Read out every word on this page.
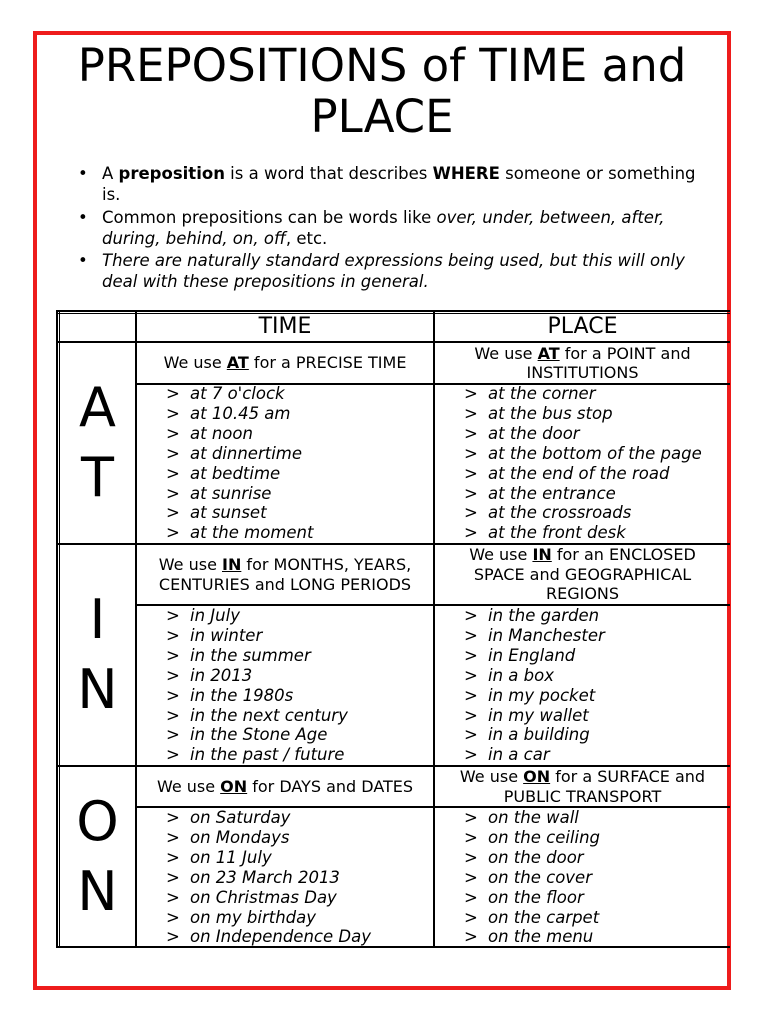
PREPOSITIONS of TIME and PLACE
• A preposition is a word that describes WHERE someone or something is.
• Common prepositions can be words like over, under, between, after, during, behind, on, off, etc.
• There are naturally standard expressions being used, but this will only deal with these prepositions in general.
TIME	PLACE
A
T
We use AT for a PRECISE TIME
We use AT for a POINT and INSTITUTIONS
> at 7 o'clock
> at 10.45 am
> at noon
> at dinnertime
> at bedtime
> at sunrise
> at sunset
> at the moment
> at the corner
> at the bus stop
> at the door
> at the bottom of the page
> at the end of the road
> at the entrance
> at the crossroads
> at the front desk
I
N
We use IN for MONTHS, YEARS, CENTURIES and LONG PERIODS
We use IN for an ENCLOSED SPACE and GEOGRAPHICAL REGIONS
> in July
> in winter
> in the summer
> in 2013
> in the 1980s
> in the next century
> in the Stone Age
> in the past / future
> in the garden
> in Manchester
> in England
> in a box
> in my pocket
> in my wallet
> in a building
> in a car
O
N
We use ON for DAYS and DATES
We use ON for a SURFACE and PUBLIC TRANSPORT
> on Saturday
> on Mondays
> on 11 July
> on 23 March 2013
> on Christmas Day
> on my birthday
> on Independence Day
> on the wall
> on the ceiling
> on the door
> on the cover
> on the floor
> on the carpet
> on the menu
